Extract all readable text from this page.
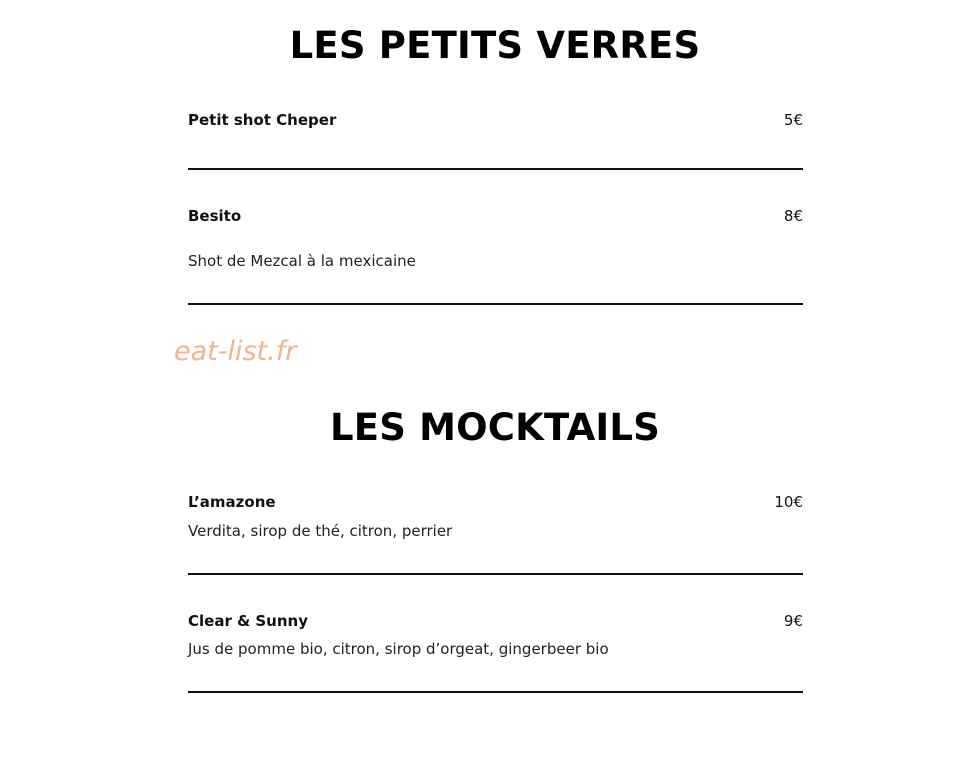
LES PETITS VERRES
Petit shot Cheper	5€
Besito	8€
Shot de Mezcal à la mexicaine
eat-list.fr
LES MOCKTAILS
L’amazone	10€
Verdita, sirop de thé, citron, perrier
Clear & Sunny	9€
Jus de pomme bio, citron, sirop d’orgeat, gingerbeer bio
